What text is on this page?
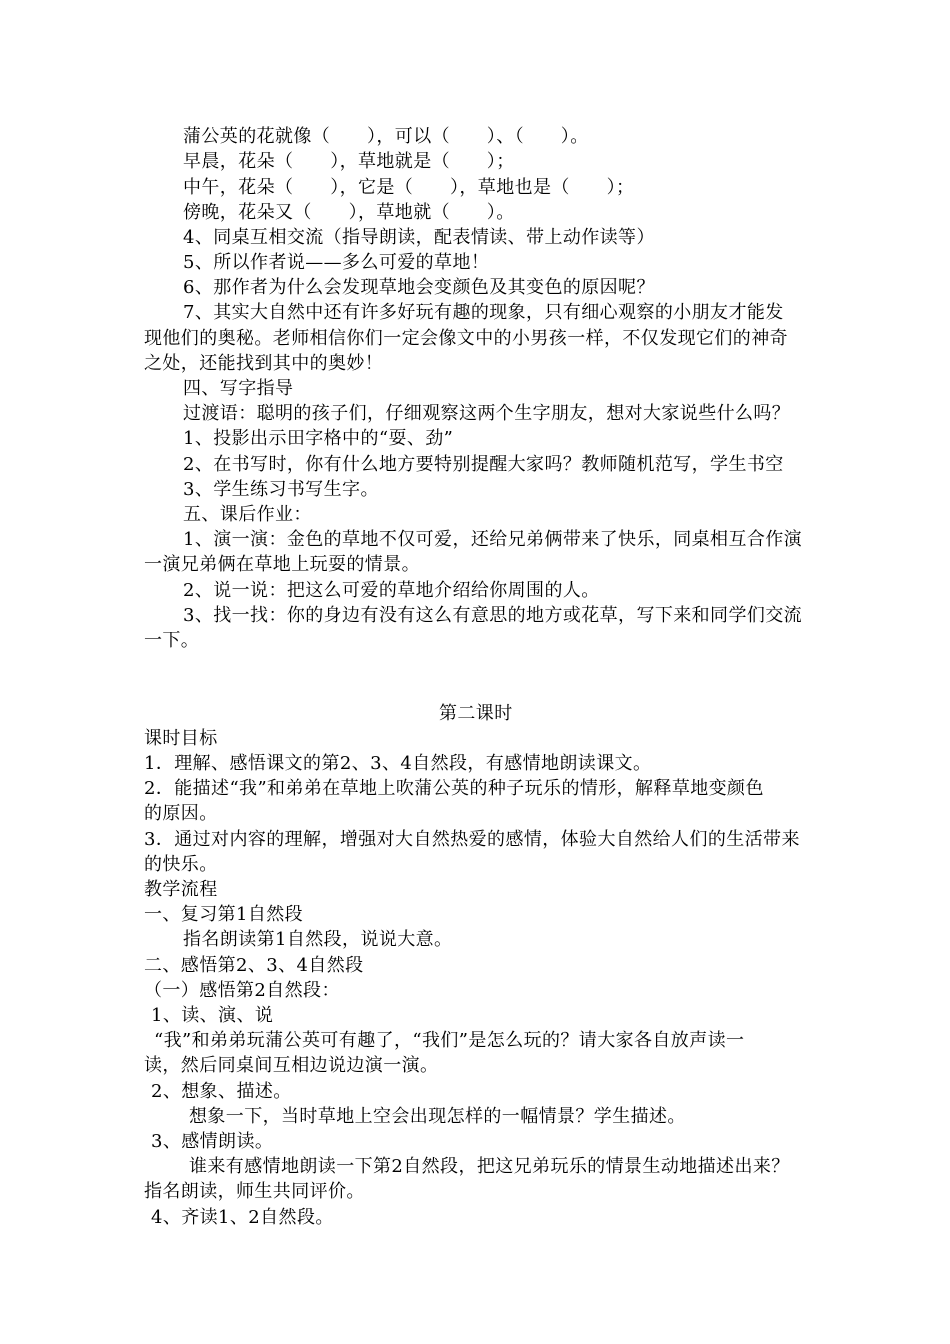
蒲公英的花就像（　　），可以（　　）、（　　）。
早晨，花朵（　　），草地就是（　　）；
中午，花朵（　　），它是（　　），草地也是（　　）；
傍晚，花朵又（　　），草地就（　　）。
4、同桌互相交流（指导朗读，配表情读、带上动作读等）
5、所以作者说——多么可爱的草地！
6、那作者为什么会发现草地会变颜色及其变色的原因呢？
7、其实大自然中还有许多好玩有趣的现象，只有细心观察的小朋友才能发
现他们的奥秘。老师相信你们一定会像文中的小男孩一样，不仅发现它们的神奇
之处，还能找到其中的奥妙！
四、写字指导
过渡语：聪明的孩子们，仔细观察这两个生字朋友，想对大家说些什么吗？
1、投影出示田字格中的“耍、劲”
2、在书写时，你有什么地方要特别提醒大家吗？教师随机范写，学生书空
3、学生练习书写生字。
五、课后作业：
1、演一演：金色的草地不仅可爱，还给兄弟俩带来了快乐，同桌相互合作演
一演兄弟俩在草地上玩耍的情景。
2、说一说：把这么可爱的草地介绍给你周围的人。
3、找一找：你的身边有没有这么有意思的地方或花草，写下来和同学们交流
一下。
第二课时
课时目标
1．理解、感悟课文的第2、3、4自然段，有感情地朗读课文。
2．能描述“我”和弟弟在草地上吹蒲公英的种子玩乐的情形，解释草地变颜色
的原因。
3．通过对内容的理解，增强对大自然热爱的感情，体验大自然给人们的生活带来
的快乐。
教学流程
一、复习第1自然段
指名朗读第1自然段，说说大意。
二、感悟第2、3、4自然段
（一）感悟第2自然段：
1、读、演、说
“我”和弟弟玩蒲公英可有趣了，“我们”是怎么玩的？请大家各自放声读一
读，然后同桌间互相边说边演一演。
2、想象、描述。
想象一下，当时草地上空会出现怎样的一幅情景？学生描述。
3、感情朗读。
谁来有感情地朗读一下第2自然段，把这兄弟玩乐的情景生动地描述出来？
指名朗读，师生共同评价。
4、齐读1、2自然段。
